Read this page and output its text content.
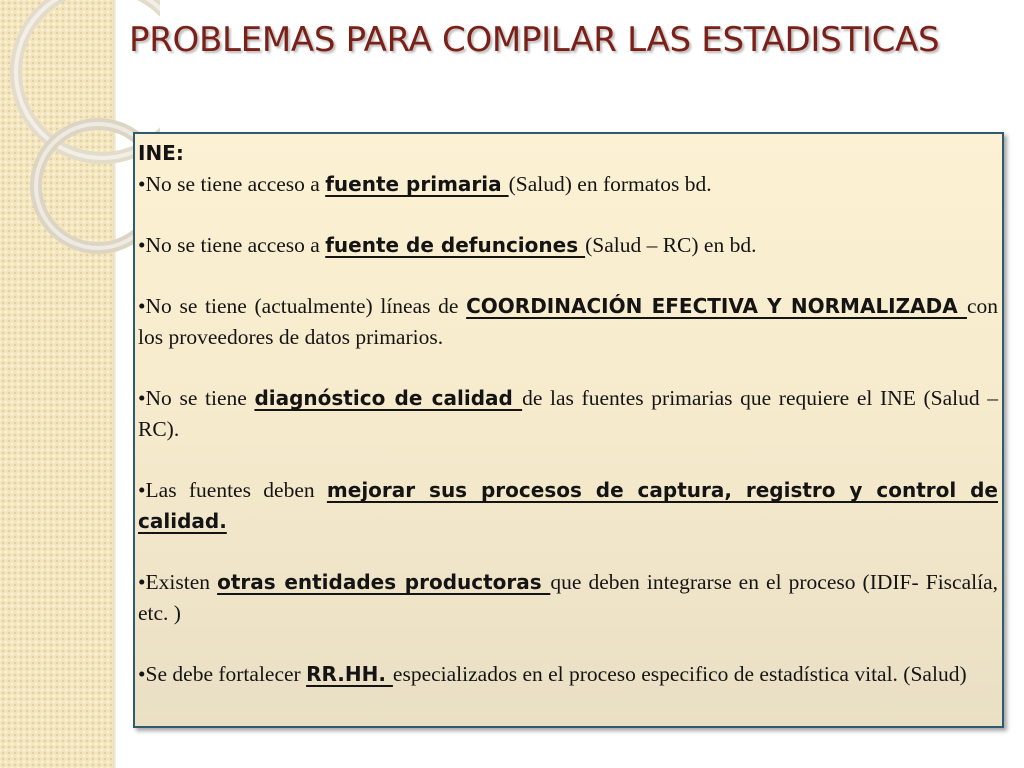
PROBLEMAS PARA COMPILAR LAS ESTADISTICAS

INE:

•No se tiene acceso a fuente primaria (Salud) en formatos bd.

•No se tiene acceso a fuente de defunciones (Salud – RC) en bd.

•No se tiene (actualmente) líneas de COORDINACIÓN EFECTIVA Y NORMALIZADA con los proveedores de datos primarios.

•No se tiene diagnóstico de calidad de las fuentes primarias que requiere el INE (Salud – RC).

•Las fuentes deben mejorar sus procesos de captura, registro y control de calidad.

•Existen otras entidades productoras que deben integrarse en el proceso (IDIF- Fiscalía, etc. )

•Se debe fortalecer RR.HH. especializados en el proceso especifico de estadística vital. (Salud)
